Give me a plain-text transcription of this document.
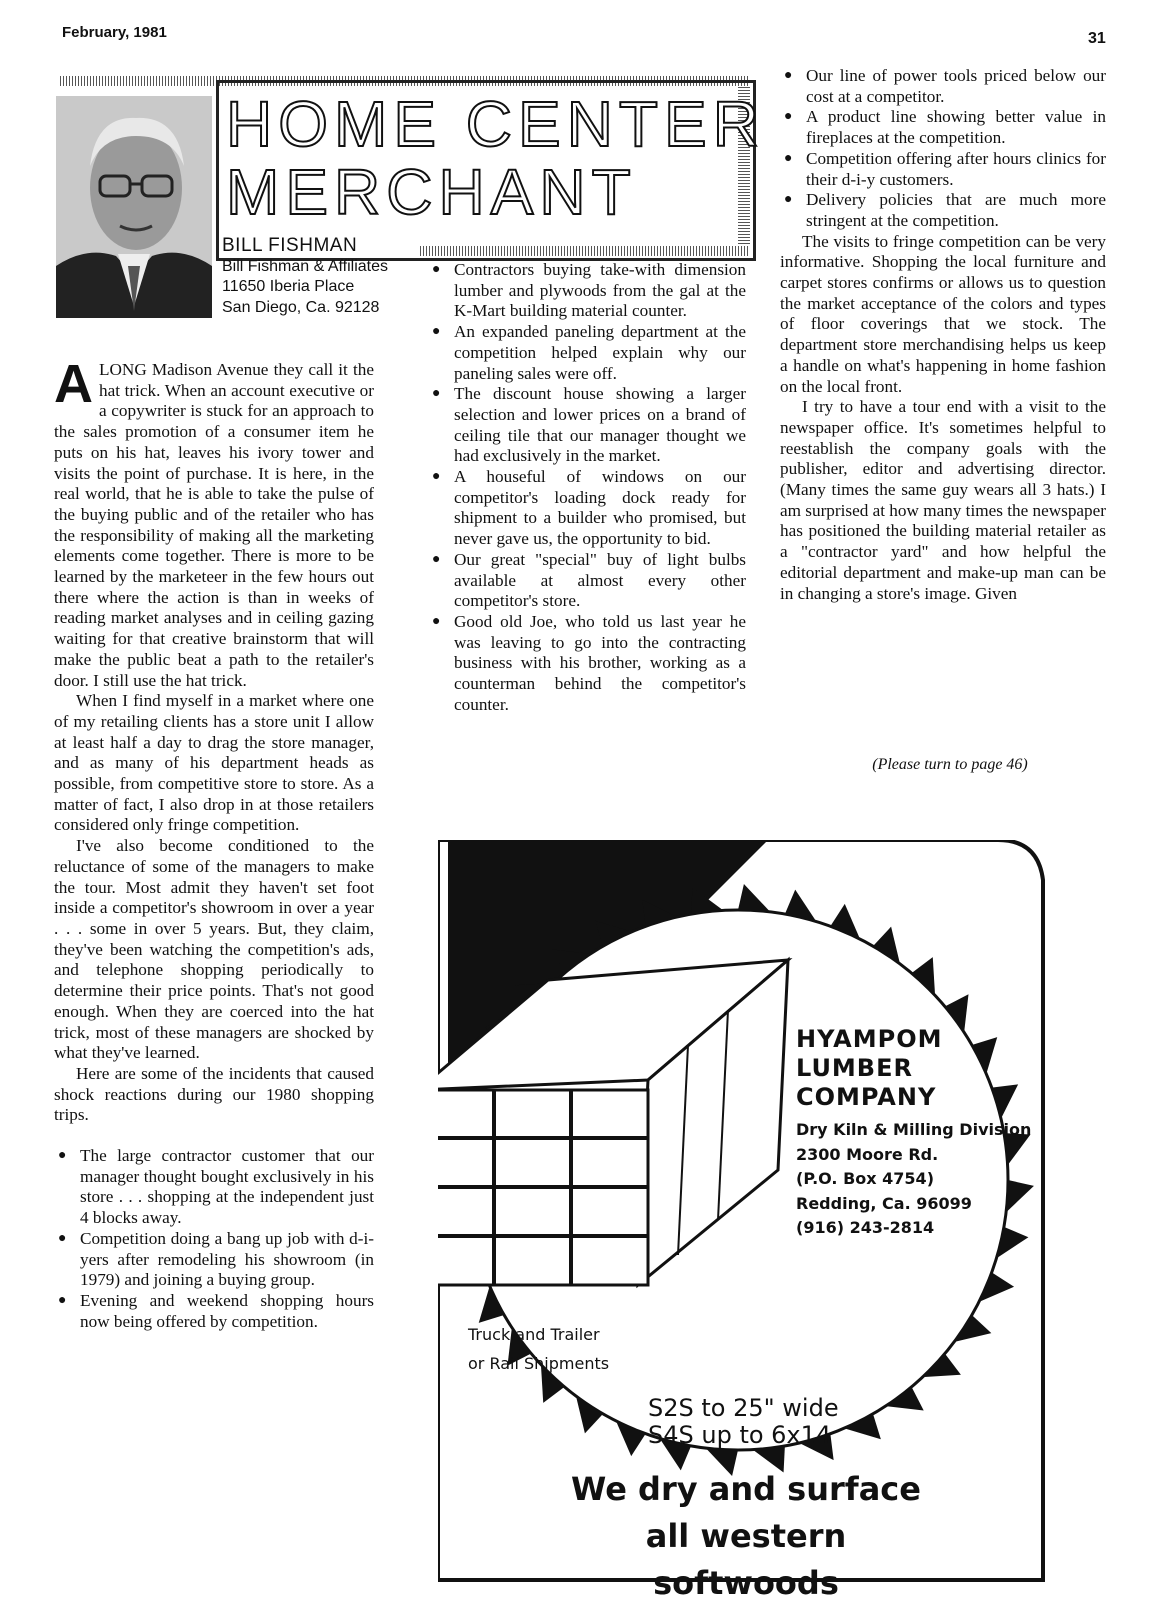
February, 1981	31
HOME CENTER
MERCHANT
BILL FISHMAN
Bill Fishman & Affiliates
11650 Iberia Place
San Diego, Ca. 92128

ALONG Madison Avenue they call it the hat trick. When an account executive or a copywriter is stuck for an approach to the sales promotion of a consumer item he puts on his hat, leaves his ivory tower and visits the point of purchase. It is here, in the real world, that he is able to take the pulse of the buying public and of the retailer who has the responsibility of making all the marketing elements come together. There is more to be learned by the marketeer in the few hours out there where the action is than in weeks of reading market analyses and in ceiling gazing waiting for that creative brainstorm that will make the public beat a path to the retailer's door. I still use the hat trick.

When I find myself in a market where one of my retailing clients has a store unit I allow at least half a day to drag the store manager, and as many of his department heads as possible, from competitive store to store. As a matter of fact, I also drop in at those retailers considered only fringe competition.

I've also become conditioned to the reluctance of some of the managers to make the tour. Most admit they haven't set foot inside a competitor's showroom in over a year . . . some in over 5 years. But, they claim, they've been watching the competition's ads, and telephone shopping periodically to determine their price points. That's not good enough. When they are coerced into the hat trick, most of these managers are shocked by what they've learned.

Here are some of the incidents that caused shock reactions during our 1980 shopping trips.

● The large contractor customer that our manager thought bought exclusively in his store . . . shopping at the independent just 4 blocks away.
● Competition doing a bang up job with d-i-yers after remodeling his showroom (in 1979) and joining a buying group.
● Evening and weekend shopping hours now being offered by competition.
● Contractors buying take-with dimension lumber and plywoods from the gal at the K-Mart building material counter.
● An expanded paneling department at the competition helped explain why our paneling sales were off.
● The discount house showing a larger selection and lower prices on a brand of ceiling tile that our manager thought we had exclusively in the market.
● A houseful of windows on our competitor's loading dock ready for shipment to a builder who promised, but never gave us, the opportunity to bid.
● Our great "special" buy of light bulbs available at almost every other competitor's store.
● Good old Joe, who told us last year he was leaving to go into the contracting business with his brother, working as a counterman behind the competitor's counter.
● Our line of power tools priced below our cost at a competitor.
● A product line showing better value in fireplaces at the competition.
● Competition offering after hours clinics for their d-i-y customers.
● Delivery policies that are much more stringent at the competition.

The visits to fringe competition can be very informative. Shopping the local furniture and carpet stores confirms or allows us to question the market acceptance of the colors and types of floor coverings that we stock. The department store merchandising helps us keep a handle on what's happening in home fashion on the local front.

I try to have a tour end with a visit to the newspaper office. It's sometimes helpful to reestablish the company goals with the publisher, editor and advertising director. (Many times the same guy wears all 3 hats.) I am surprised at how many times the newspaper has positioned the building material retailer as a "contractor yard" and how helpful the editorial department and make-up man can be in changing a store's image. Given

(Please turn to page 46)
HYAMPOM
LUMBER
COMPANY
Dry Kiln & Milling Division
2300 Moore Rd.
(P.O. Box 4754)
Redding, Ca. 96099
(916) 243-2814
Truck and Trailer
or Rail Shipments
S2S to 25" wide
S4S up to 6x14
We dry and surface
all western softwoods
